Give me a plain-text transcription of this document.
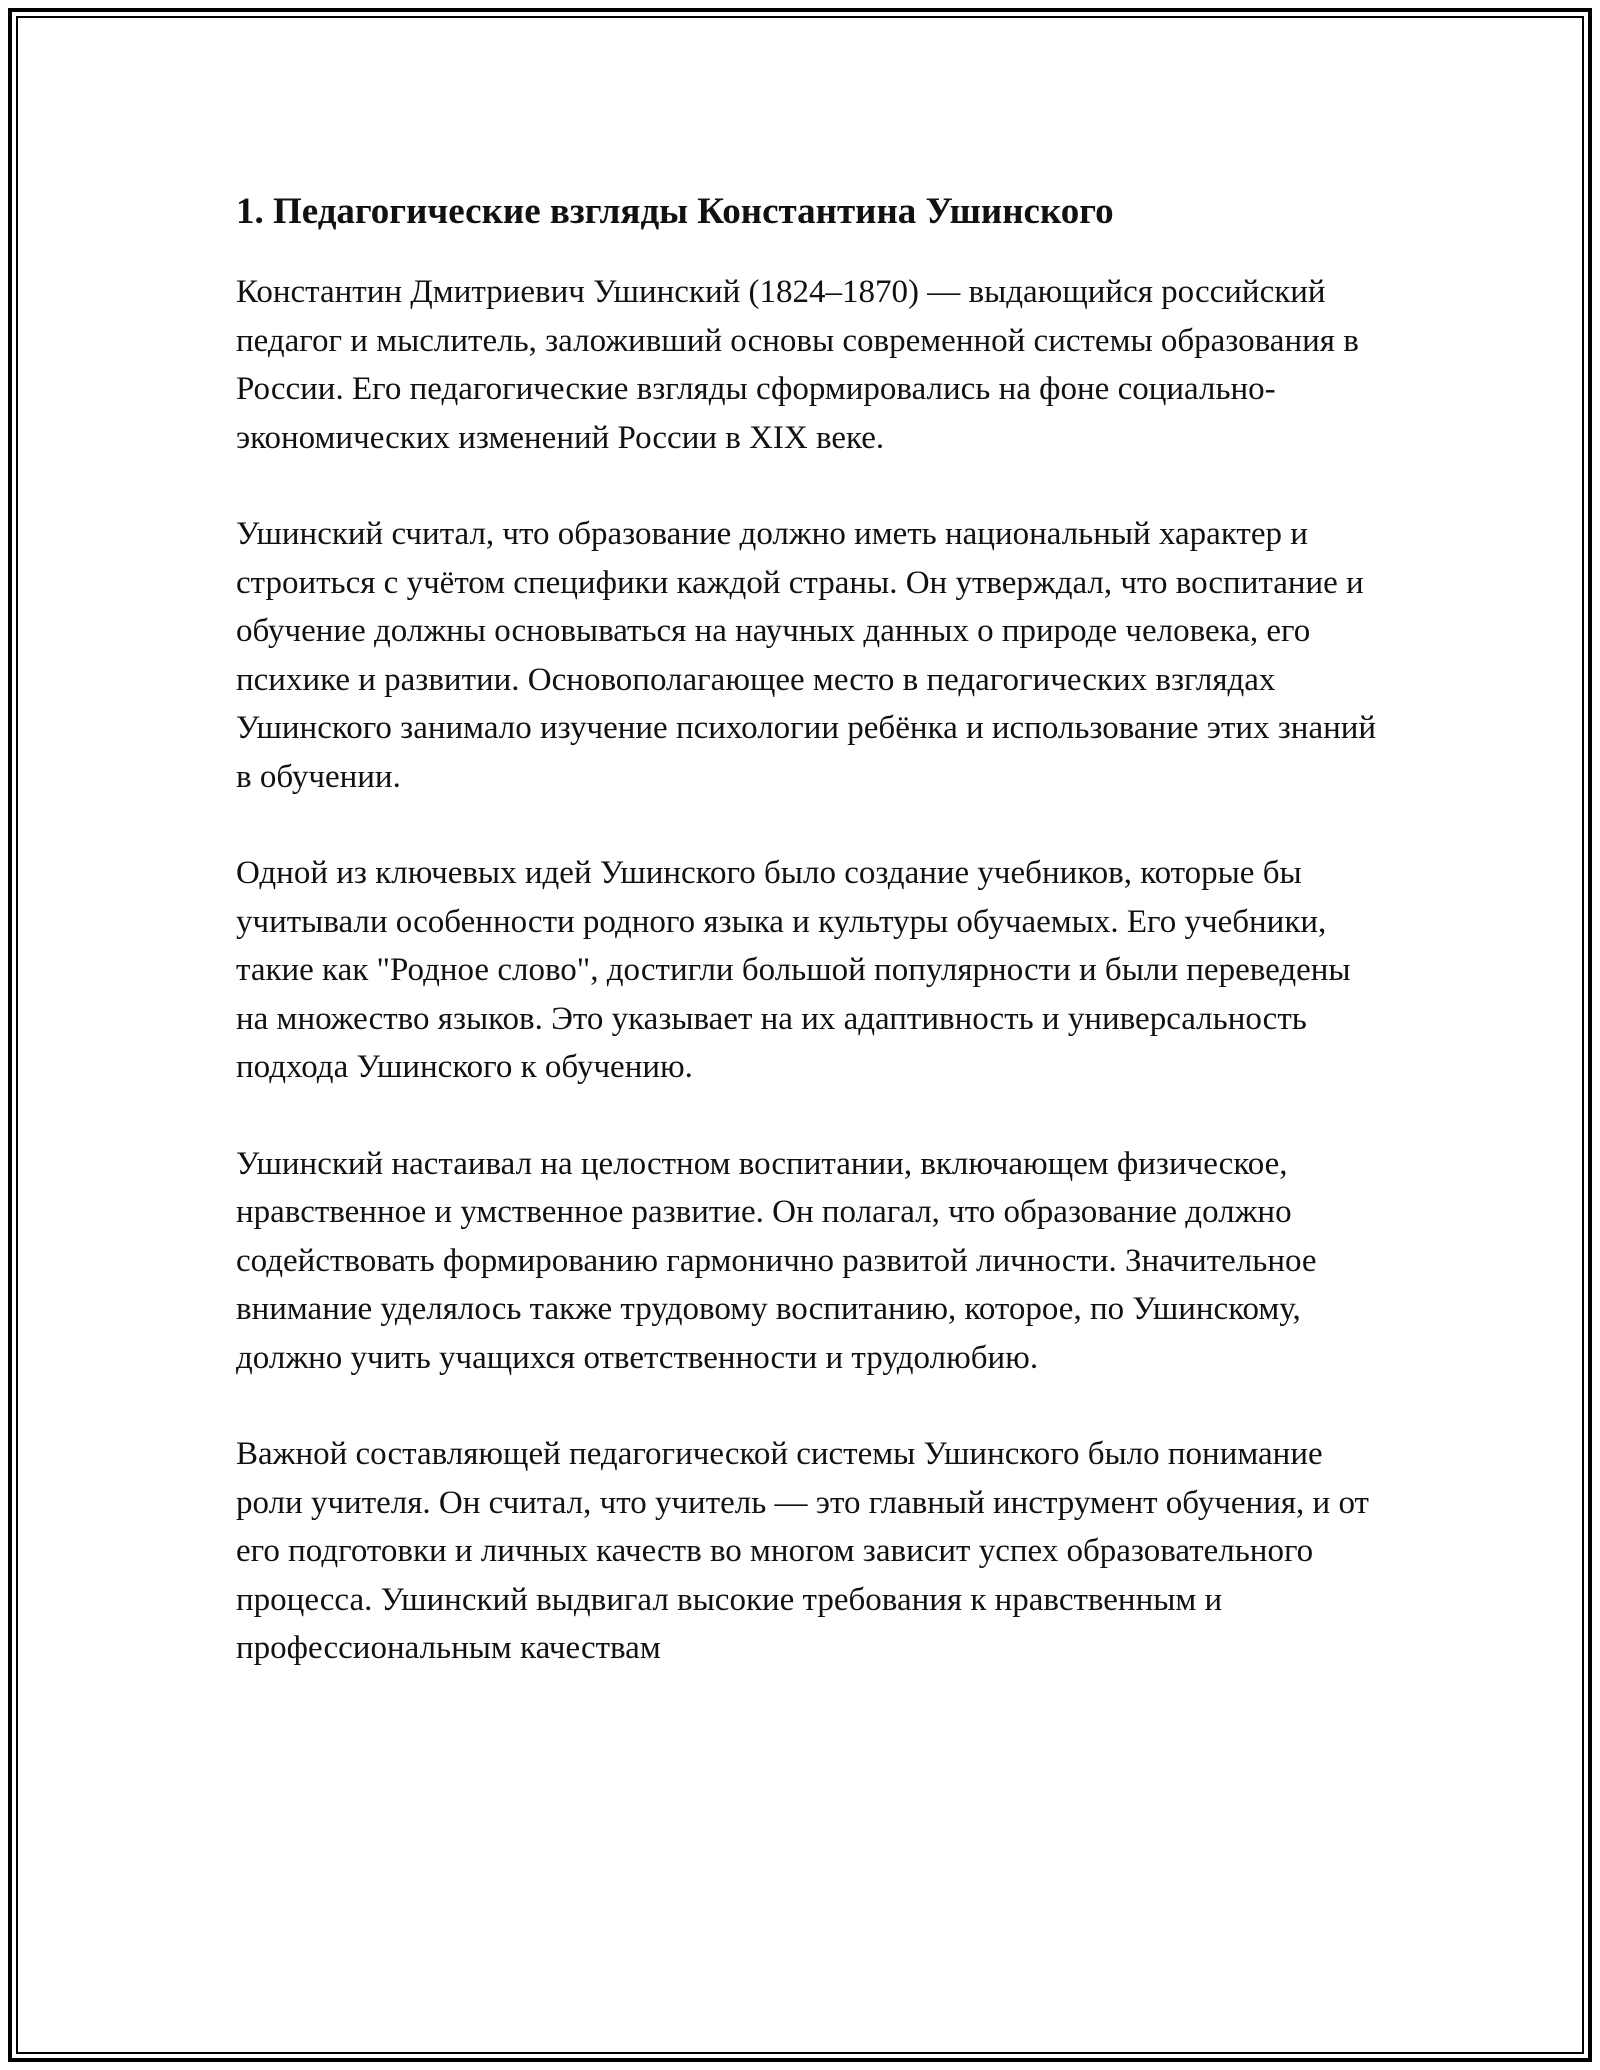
1. Педагогические взгляды Константина Ушинского

Константин Дмитриевич Ушинский (1824–1870) — выдающийся российский педагог и мыслитель, заложивший основы современной системы образования в России. Его педагогические взгляды сформировались на фоне социально-экономических изменений России в XIX веке.

Ушинский считал, что образование должно иметь национальный характер и строиться с учётом специфики каждой страны. Он утверждал, что воспитание и обучение должны основываться на научных данных о природе человека, его психике и развитии. Основополагающее место в педагогических взглядах Ушинского занимало изучение психологии ребёнка и использование этих знаний в обучении.

Одной из ключевых идей Ушинского было создание учебников, которые бы учитывали особенности родного языка и культуры обучаемых. Его учебники, такие как "Родное слово", достигли большой популярности и были переведены на множество языков. Это указывает на их адаптивность и универсальность подхода Ушинского к обучению.

Ушинский настаивал на целостном воспитании, включающем физическое, нравственное и умственное развитие. Он полагал, что образование должно содействовать формированию гармонично развитой личности. Значительное внимание уделялось также трудовому воспитанию, которое, по Ушинскому, должно учить учащихся ответственности и трудолюбию.

Важной составляющей педагогической системы Ушинского было понимание роли учителя. Он считал, что учитель — это главный инструмент обучения, и от его подготовки и личных качеств во многом зависит успех образовательного процесса. Ушинский выдвигал высокие требования к нравственным и профессиональным качествам
